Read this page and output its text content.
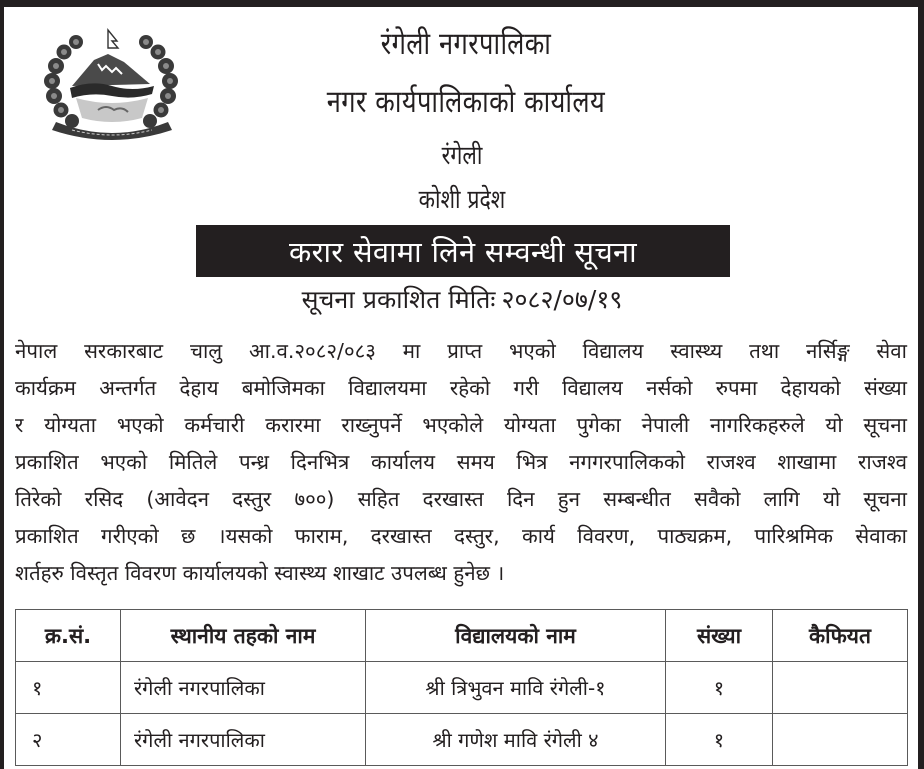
रंगेली नगरपालिका
नगर कार्यपालिकाको कार्यालय
रंगेली
कोशी प्रदेश
करार सेवामा लिने सम्वन्धी सूचना
सूचना प्रकाशित मितिः २०८२/०७/१९
नेपाल सरकारबाट चालु आ.व.२०८२/०८३ मा प्राप्त भएको विद्यालय स्वास्थ्य तथा नर्सिङ्ग सेवा
कार्यक्रम अन्तर्गत देहाय बमोजिमका विद्यालयमा रहेको गरी विद्यालय नर्सको रुपमा देहायको संख्या
र योग्यता भएको कर्मचारी करारमा राख्नुपर्ने भएकोले योग्यता पुगेका नेपाली नागरिकहरुले यो सूचना
प्रकाशित भएको मितिले पन्ध्र दिनभित्र कार्यालय समय भित्र नगगरपालिकको राजश्व शाखामा राजश्व
तिरेको रसिद (आवेदन दस्तुर ७००) सहित दरखास्त दिन हुन सम्बन्धीत सवैको लागि यो सूचना
प्रकाशित गरीएको छ ।यसको फाराम, दरखास्त दस्तुर, कार्य विवरण, पाठ्यक्रम, पारिश्रमिक सेवाका
शर्तहरु विस्तृत विवरण कार्यालयको स्वास्थ्य शाखाट उपलब्ध हुनेछ ।
क्र.सं.	स्थानीय तहको नाम	विद्यालयको नाम	संख्या	कैफियत
१	रंगेली नगरपालिका	श्री त्रिभुवन मावि रंगेली-१	१	
२	रंगेली नगरपालिका	श्री गणेश मावि रंगेली ४	१	
